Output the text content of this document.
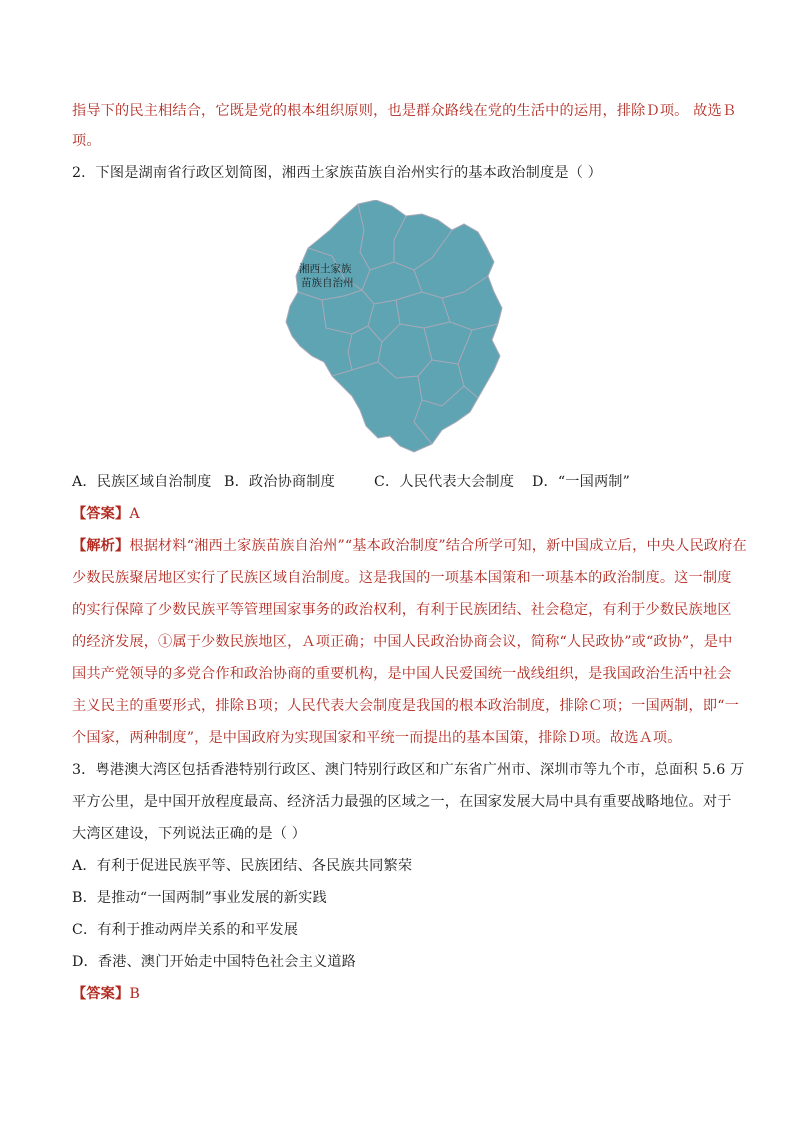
指导下的民主相结合，它既是党的根本组织原则，也是群众路线在党的生活中的运用，排除Ｄ项。 故选Ｂ
项。
2．下图是湖南省行政区划简图，湘西土家族苗族自治州实行的基本政治制度是（ ）
湘西土家族
苗族自治州
A．民族区域自治制度 B．政治协商制度	C．人民代表大会制度 D．“一国两制”
【答案】A
【解析】根据材料“湘西土家族苗族自治州”“基本政治制度”结合所学可知，新中国成立后，中央人民政府在
少数民族聚居地区实行了民族区域自治制度。这是我国的一项基本国策和一项基本的政治制度。这一制度
的实行保障了少数民族平等管理国家事务的政治权利，有利于民族团结、社会稳定，有利于少数民族地区
的经济发展，①属于少数民族地区，Ａ项正确；中国人民政治协商会议，简称“人民政协”或“政协”，是中
国共产党领导的多党合作和政治协商的重要机构，是中国人民爱国统一战线组织，是我国政治生活中社会
主义民主的重要形式，排除Ｂ项；人民代表大会制度是我国的根本政治制度，排除Ｃ项；一国两制，即“一
个国家，两种制度”，是中国政府为实现国家和平统一而提出的基本国策，排除Ｄ项。故选Ａ项。
3．粤港澳大湾区包括香港特别行政区、澳门特别行政区和广东省广州市、深圳市等九个市，总面积 5.6 万
平方公里，是中国开放程度最高、经济活力最强的区域之一，在国家发展大局中具有重要战略地位。对于
大湾区建设，下列说法正确的是（ ）
A．有利于促进民族平等、民族团结、各民族共同繁荣
B．是推动“一国两制”事业发展的新实践
C．有利于推动两岸关系的和平发展
D．香港、澳门开始走中国特色社会主义道路
【答案】B
